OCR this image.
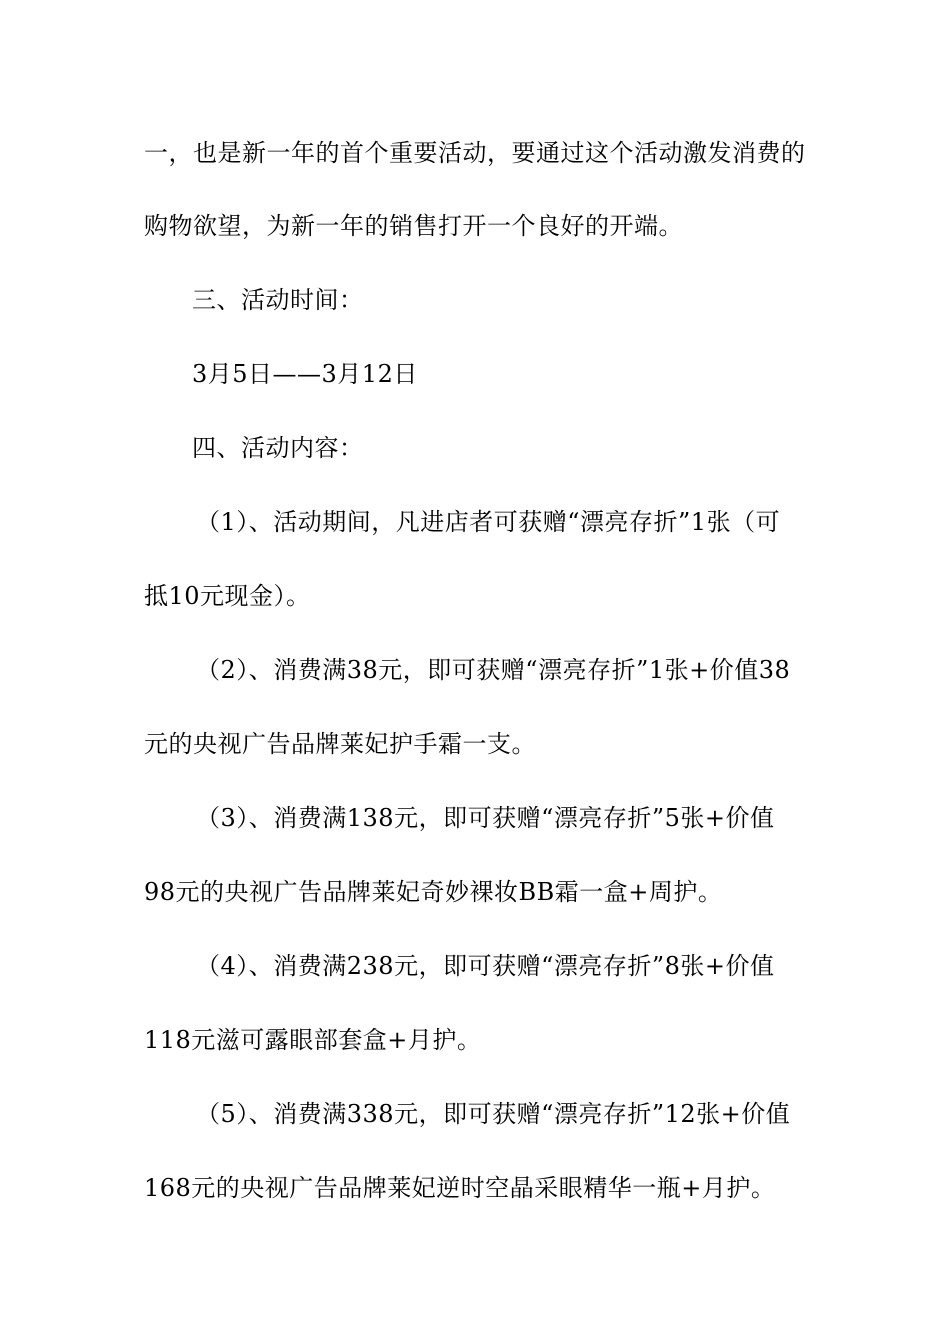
一，也是新一年的首个重要活动，要通过这个活动激发消费的
购物欲望，为新一年的销售打开一个良好的开端。
三、活动时间：
3月5日——3月12日
四、活动内容：
（1）、活动期间，凡进店者可获赠“漂亮存折”1张（可
抵10元现金）。
（2）、消费满38元，即可获赠“漂亮存折”1张+价值38
元的央视广告品牌莱妃护手霜一支。
（3）、消费满138元，即可获赠“漂亮存折”5张+价值
98元的央视广告品牌莱妃奇妙裸妆BB霜一盒+周护。
（4）、消费满238元，即可获赠“漂亮存折”8张+价值
118元滋可露眼部套盒+月护。
（5）、消费满338元，即可获赠“漂亮存折”12张+价值
168元的央视广告品牌莱妃逆时空晶采眼精华一瓶+月护。
